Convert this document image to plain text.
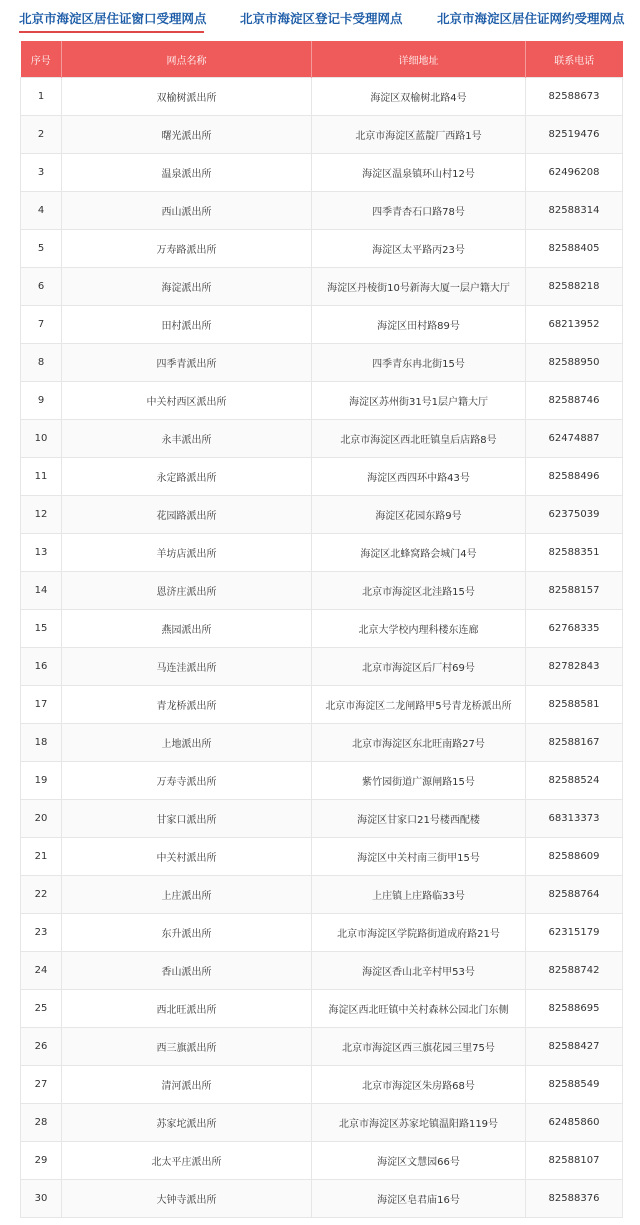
北京市海淀区居住证窗口受理网点	北京市海淀区登记卡受理网点	北京市海淀区居住证网约受理网点
序号	网点名称	详细地址	联系电话
1	双榆树派出所	海淀区双榆树北路4号	82588673
2	曙光派出所	北京市海淀区蓝靛厂西路1号	82519476
3	温泉派出所	海淀区温泉镇环山村12号	62496208
4	西山派出所	四季青杏石口路78号	82588314
5	万寿路派出所	海淀区太平路丙23号	82588405
6	海淀派出所	海淀区丹棱街10号新海大厦一层户籍大厅	82588218
7	田村派出所	海淀区田村路89号	68213952
8	四季青派出所	四季青东冉北街15号	82588950
9	中关村西区派出所	海淀区苏州街31号1层户籍大厅	82588746
10	永丰派出所	北京市海淀区西北旺镇皇后店路8号	62474887
11	永定路派出所	海淀区西四环中路43号	82588496
12	花园路派出所	海淀区花园东路9号	62375039
13	羊坊店派出所	海淀区北蜂窝路会城门4号	82588351
14	恩济庄派出所	北京市海淀区北洼路15号	82588157
15	燕园派出所	北京大学校内理科楼东连廊	62768335
16	马连洼派出所	北京市海淀区后厂村69号	82782843
17	青龙桥派出所	北京市海淀区二龙闸路甲5号青龙桥派出所	82588581
18	上地派出所	北京市海淀区东北旺南路27号	82588167
19	万寿寺派出所	紫竹园街道广源闸路15号	82588524
20	甘家口派出所	海淀区甘家口21号楼西配楼	68313373
21	中关村派出所	海淀区中关村南三街甲15号	82588609
22	上庄派出所	上庄镇上庄路临33号	82588764
23	东升派出所	北京市海淀区学院路街道成府路21号	62315179
24	香山派出所	海淀区香山北辛村甲53号	82588742
25	西北旺派出所	海淀区西北旺镇中关村森林公园北门东侧	82588695
26	西三旗派出所	北京市海淀区西三旗花园三里75号	82588427
27	清河派出所	北京市海淀区朱房路68号	82588549
28	苏家坨派出所	北京市海淀区苏家坨镇温阳路119号	62485860
29	北太平庄派出所	海淀区文慧园66号	82588107
30	大钟寺派出所	海淀区皂君庙16号	82588376
